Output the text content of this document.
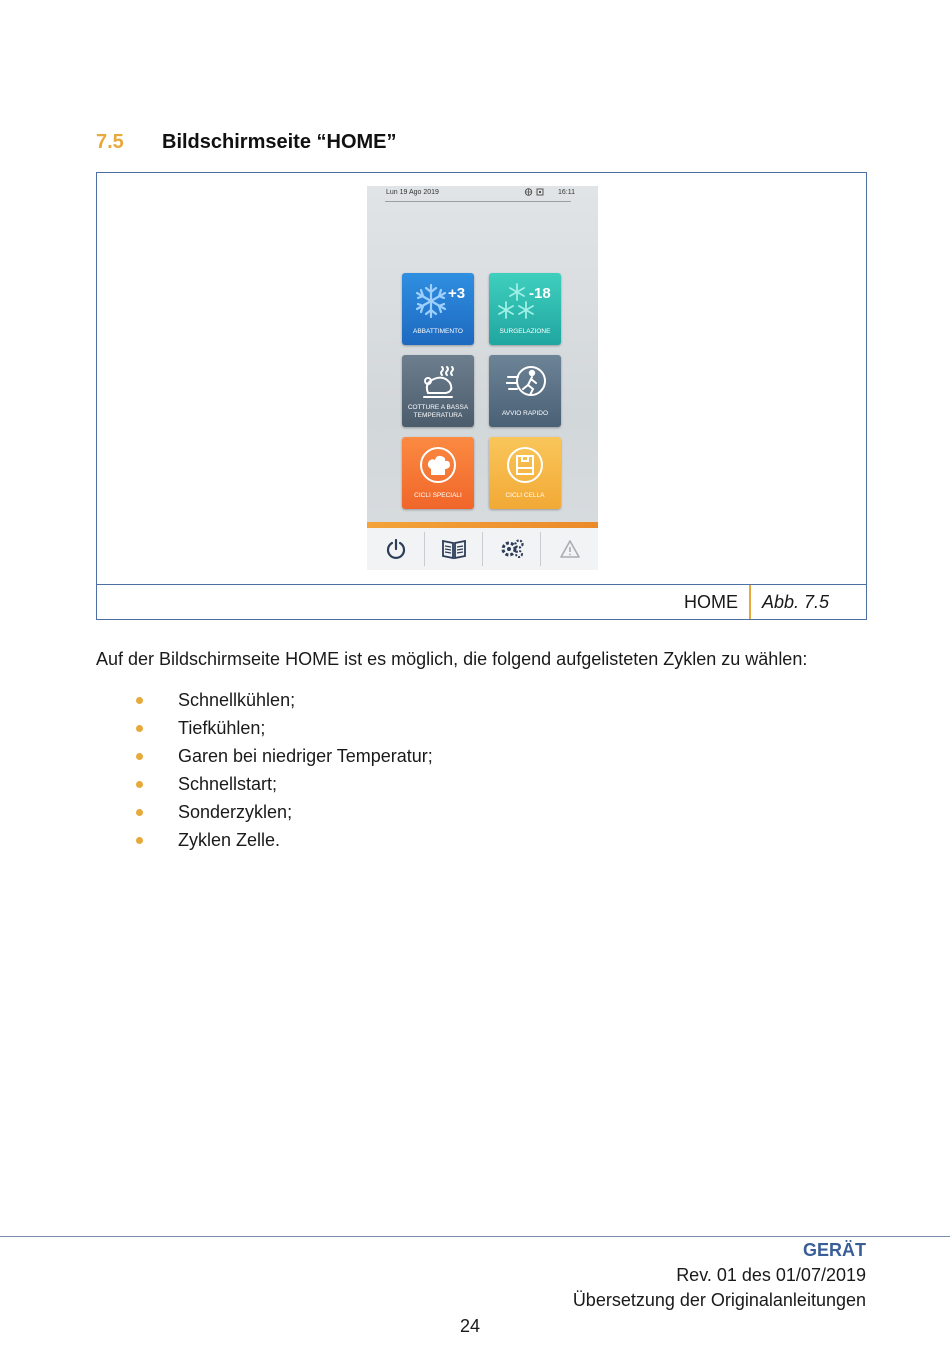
7.5 Bildschirmseite “HOME”
Lun 19 Ago 2019
	16:11
+3
ABBATTIMENTO
-18
SURGELAZIONE
COTTURE A BASSA TEMPERATURA	AVVIO RAPIDO
CICLI SPECIALI	CICLI CELLA
HOME Abb. 7.5
Auf der Bildschirmseite HOME ist es möglich, die folgend aufgelisteten Zyklen zu wählen:
Schnellkühlen;
Tiefkühlen;
Garen bei niedriger Temperatur;
Schnellstart;
Sonderzyklen;
Zyklen Zelle.
GERÄT
Rev. 01 des 01/07/2019
Übersetzung der Originalanleitungen
24
